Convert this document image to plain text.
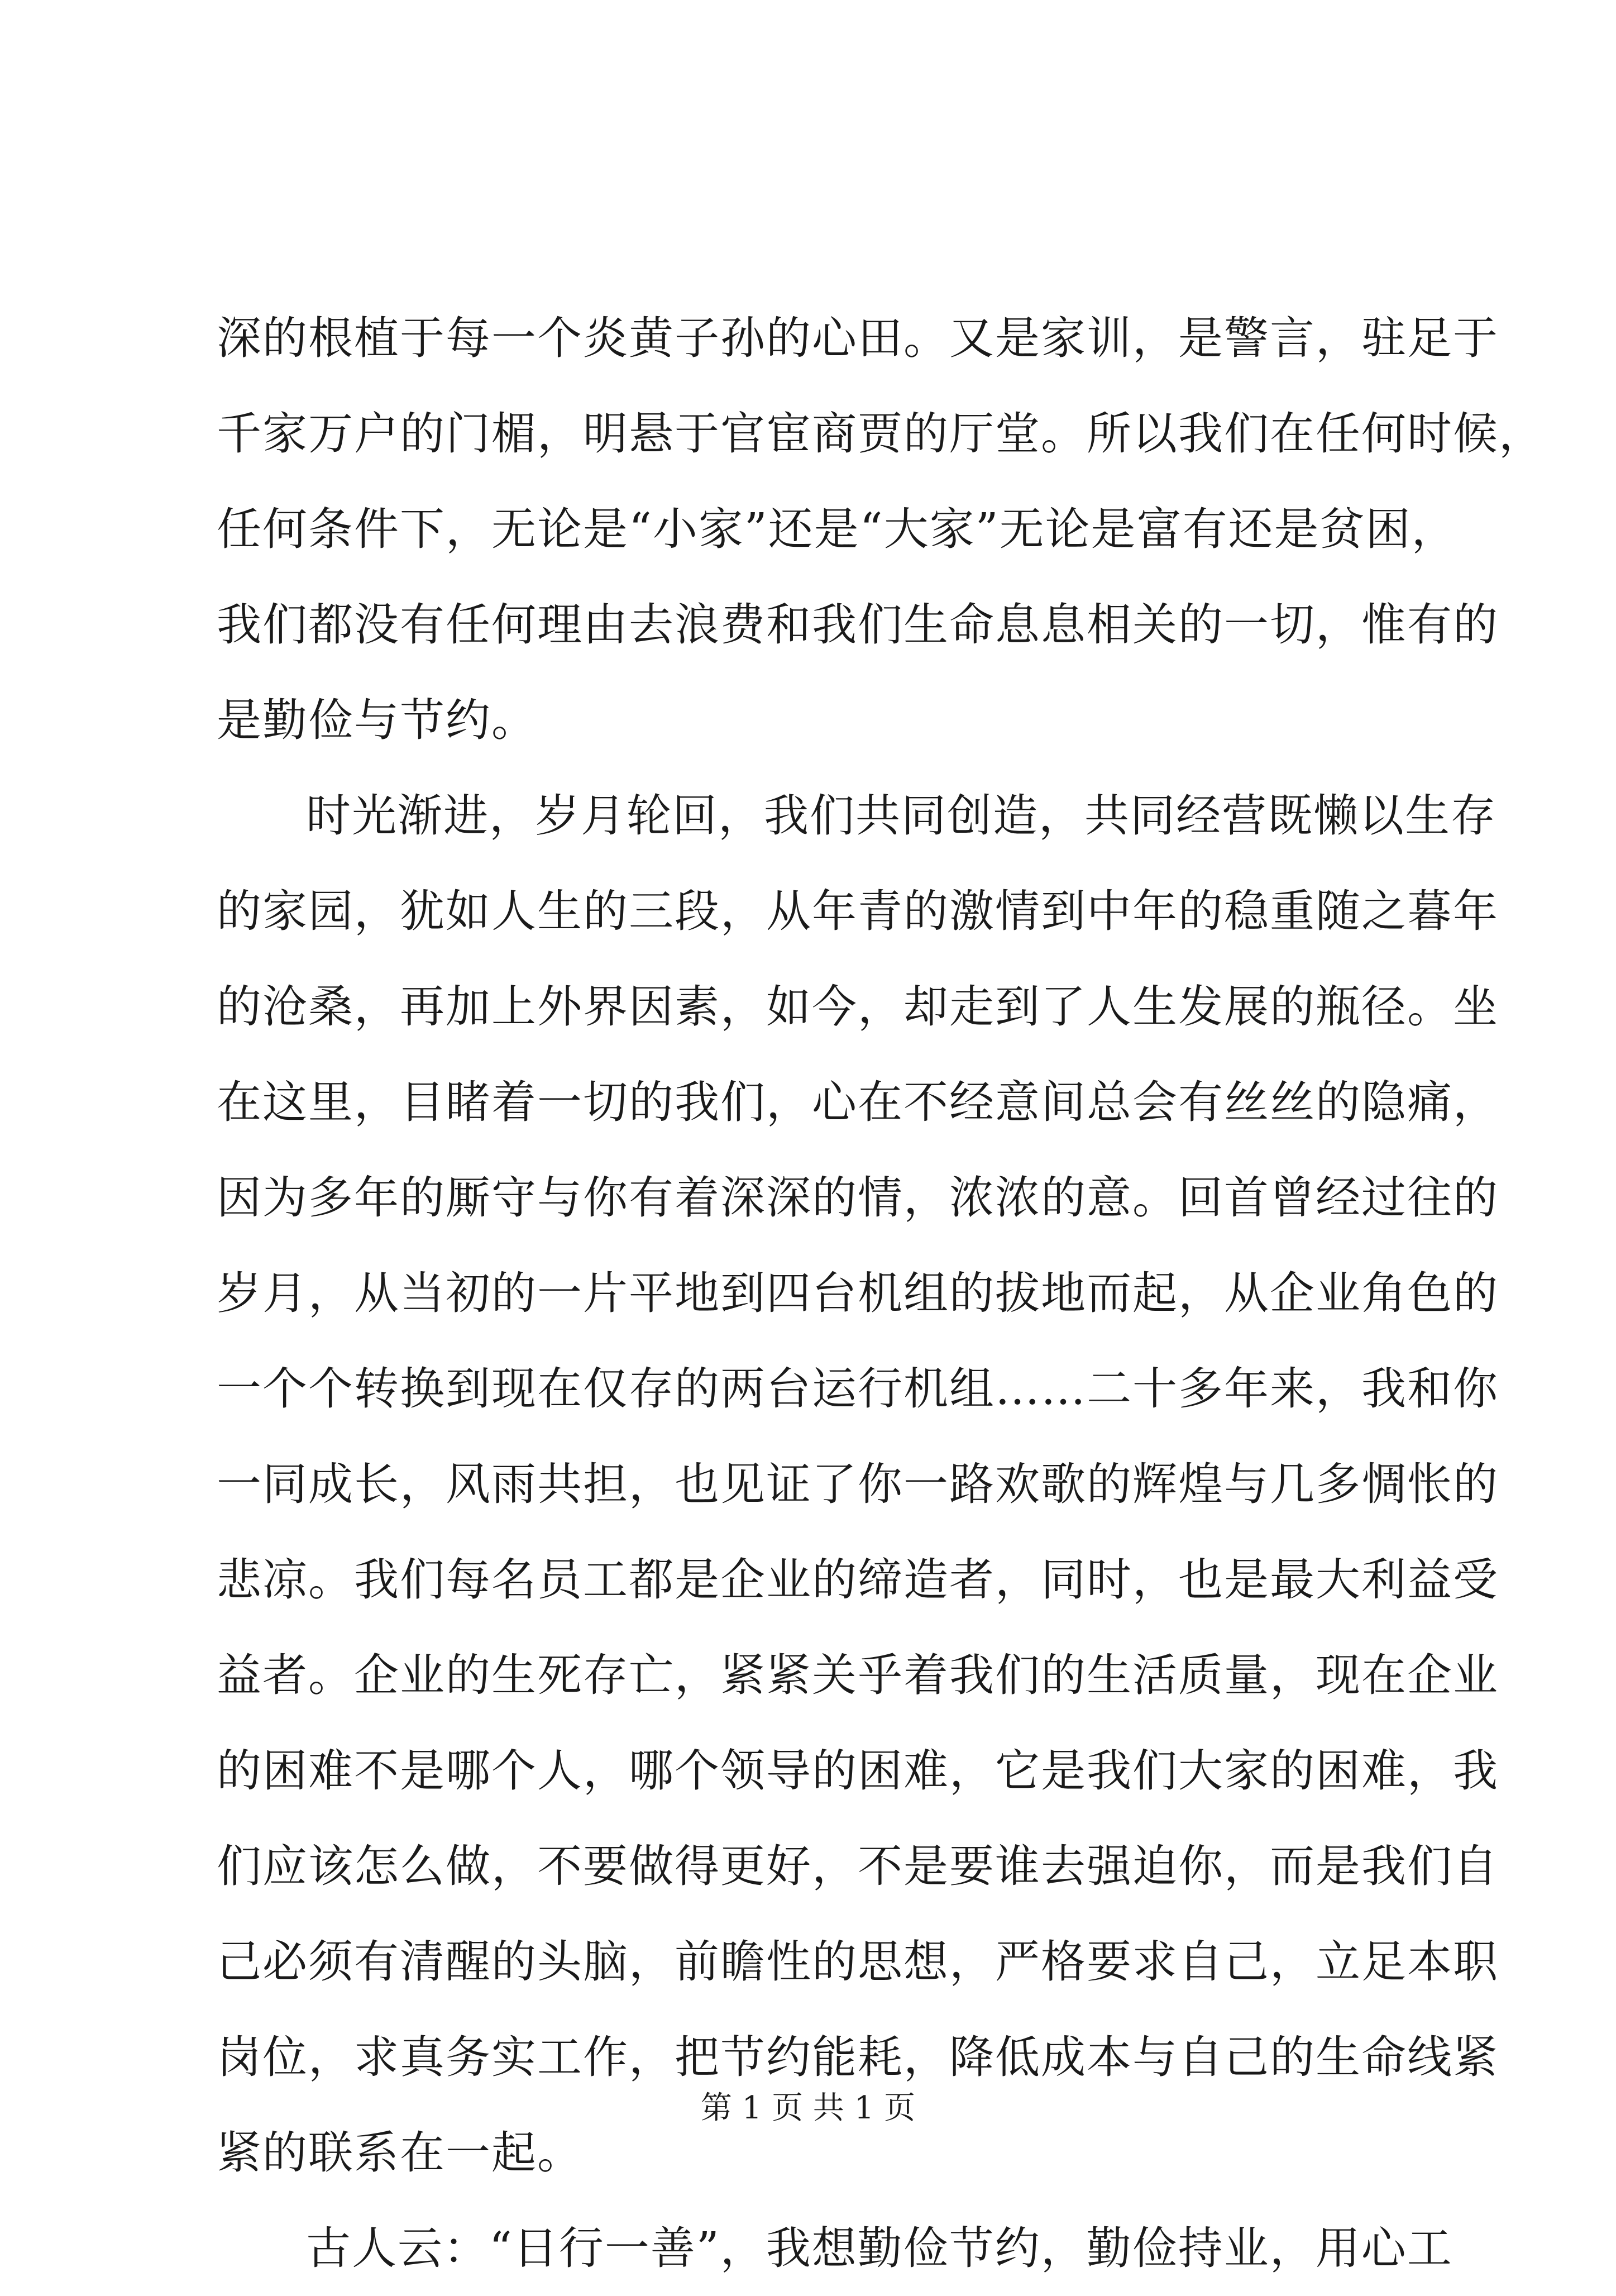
深的根植于每一个炎黄子孙的心田。又是家训，是警言，驻足于
千家万户的门楣，明悬于官宦商贾的厅堂。所以我们在任何时候，
任何条件下，无论是“小家”还是“大家”无论是富有还是贫困，
我们都没有任何理由去浪费和我们生命息息相关的一切，惟有的
是勤俭与节约。
时光渐进，岁月轮回，我们共同创造，共同经营既懒以生存
的家园，犹如人生的三段，从年青的激情到中年的稳重随之暮年
的沧桑，再加上外界因素，如今，却走到了人生发展的瓶径。坐
在这里，目睹着一切的我们，心在不经意间总会有丝丝的隐痛，
因为多年的厮守与你有着深深的情，浓浓的意。回首曾经过往的
岁月，从当初的一片平地到四台机组的拔地而起，从企业角色的
一个个转换到现在仅存的两台运行机组……二十多年来，我和你
一同成长，风雨共担，也见证了你一路欢歌的辉煌与几多惆怅的
悲凉。我们每名员工都是企业的缔造者，同时，也是最大利益受
益者。企业的生死存亡，紧紧关乎着我们的生活质量，现在企业
的困难不是哪个人，哪个领导的困难，它是我们大家的困难，我
们应该怎么做，不要做得更好，不是要谁去强迫你，而是我们自
己必须有清醒的头脑，前瞻性的思想，严格要求自己，立足本职
岗位，求真务实工作，把节约能耗，降低成本与自己的生命线紧
紧的联系在一起。
古人云：“日行一善”，我想勤俭节约，勤俭持业，用心工
第 1 页 共 1 页
